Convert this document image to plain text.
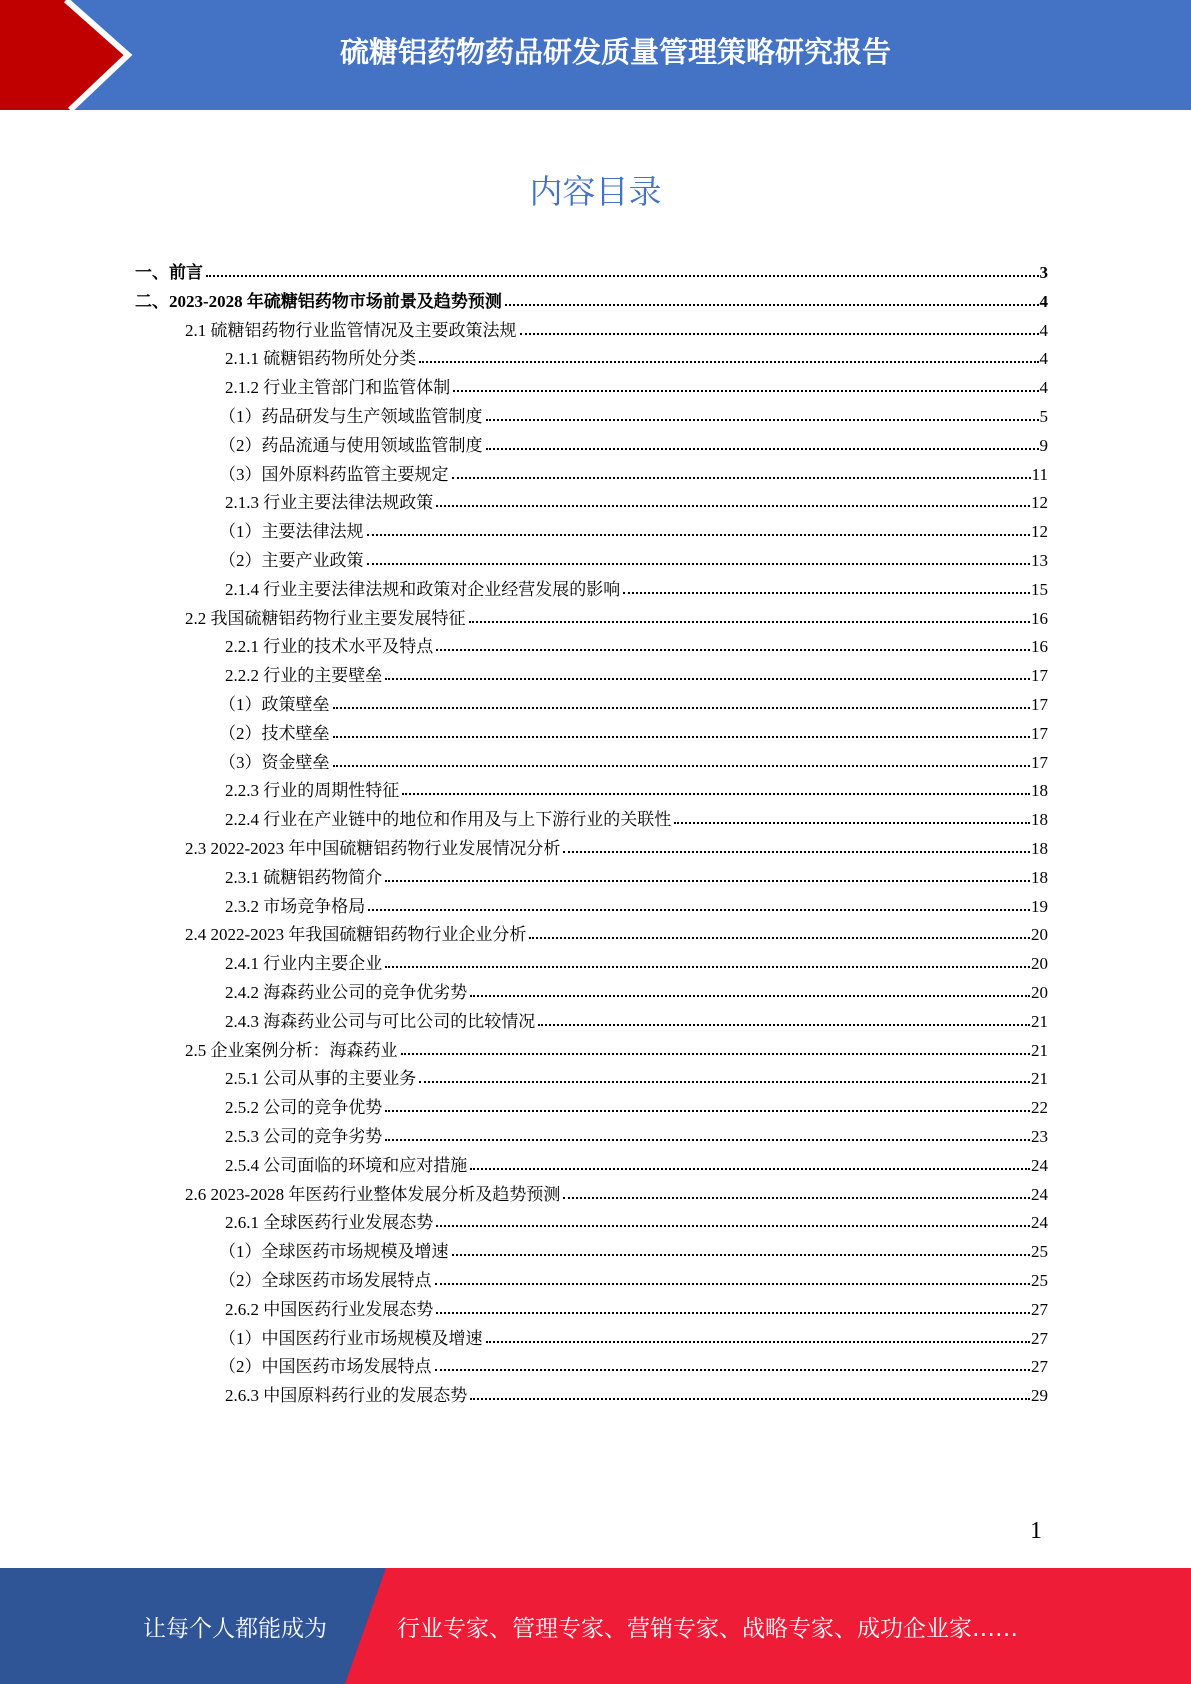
硫糖铝药物药品研发质量管理策略研究报告
内容目录
一、前言	3
二、2023-2028 年硫糖铝药物市场前景及趋势预测	4
2.1 硫糖铝药物行业监管情况及主要政策法规	4
2.1.1 硫糖铝药物所处分类	4
2.1.2 行业主管部门和监管体制	4
（1）药品研发与生产领域监管制度	5
（2）药品流通与使用领域监管制度	9
（3）国外原料药监管主要规定	11
2.1.3 行业主要法律法规政策	12
（1）主要法律法规	12
（2）主要产业政策	13
2.1.4 行业主要法律法规和政策对企业经营发展的影响	15
2.2 我国硫糖铝药物行业主要发展特征	16
2.2.1 行业的技术水平及特点	16
2.2.2 行业的主要壁垒	17
（1）政策壁垒	17
（2）技术壁垒	17
（3）资金壁垒	17
2.2.3 行业的周期性特征	18
2.2.4 行业在产业链中的地位和作用及与上下游行业的关联性	18
2.3 2022-2023 年中国硫糖铝药物行业发展情况分析	18
2.3.1 硫糖铝药物简介	18
2.3.2 市场竞争格局	19
2.4 2022-2023 年我国硫糖铝药物行业企业分析	20
2.4.1 行业内主要企业	20
2.4.2 海森药业公司的竞争优劣势	20
2.4.3 海森药业公司与可比公司的比较情况	21
2.5 企业案例分析：海森药业	21
2.5.1 公司从事的主要业务	21
2.5.2 公司的竞争优势	22
2.5.3 公司的竞争劣势	23
2.5.4 公司面临的环境和应对措施	24
2.6 2023-2028 年医药行业整体发展分析及趋势预测	24
2.6.1 全球医药行业发展态势	24
（1）全球医药市场规模及增速	25
（2）全球医药市场发展特点	25
2.6.2 中国医药行业发展态势	27
（1）中国医药行业市场规模及增速	27
（2）中国医药市场发展特点	27
2.6.3 中国原料药行业的发展态势	29
1
让每个人都能成为	行业专家、管理专家、营销专家、战略专家、成功企业家……
